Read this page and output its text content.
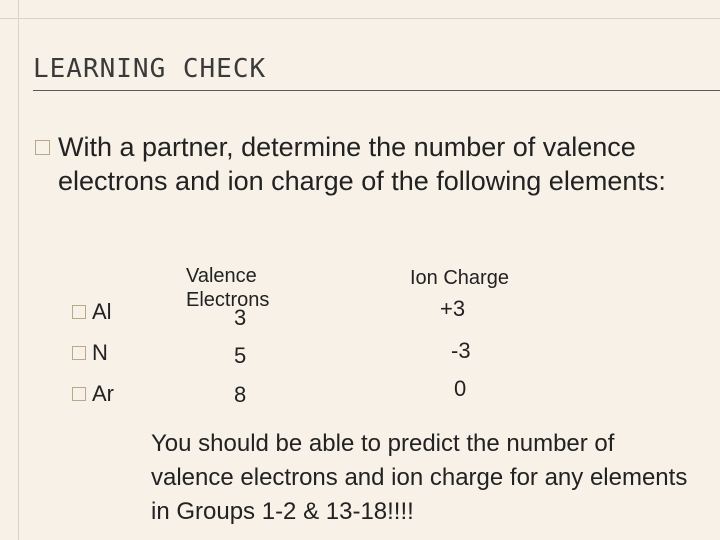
LEARNING CHECK
With a partner, determine the number of valence electrons and ion charge of the following elements:
Al
N
Ar
Valence Electrons
Ion Charge
3
5
8
+3
-3
0
You should be able to predict the number of valence electrons and ion charge for any elements in Groups 1-2 & 13-18!!!!
